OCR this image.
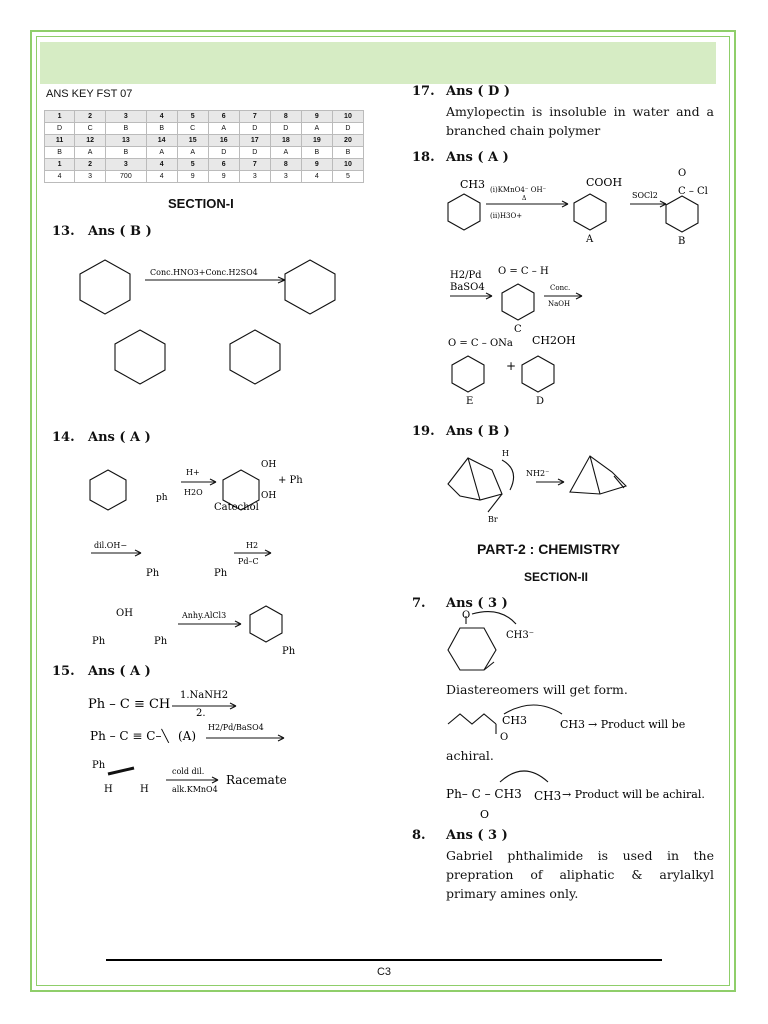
ANS KEY FST 07
1	2	3	4	5	6	7	8	9	10
D	C	B	B	C	A	D	D	A	D
11	12	13	14	15	16	17	18	19	20
B	A	B	A	A	D	D	A	B	B
1	2	3	4	5	6	7	8	9	10
4	3	700	4	9	9	3	3	4	5
SECTION-I
13. Ans ( B )
Conc.HNO3+Conc.H2SO4
14. Ans ( A )
H+
H2O
OH
OH
Catechol
+ Ph
ph
dil.OH−
Ph	Ph
H2
Pd–C
OH
Ph	Ph
Anhy.AlCl3
Ph
15. Ans ( A )
Ph – C ≡ CH
1.NaNH2
2.
Ph – C ≡ C–╲ (A)
H2/Pd/BaSO4
Ph
H	H
cold dil.
alk.KMnO4
Racemate
17. Ans ( D )
Amylopectin is insoluble in water and a branched chain polymer
18. Ans ( A )
CH3 (i)KMnO4⁻ OH⁻
Δ
(ii)H3O+
COOH
A
SOCl2
O
C – Cl
B
H2/Pd
BaSO4
O = C – H
C
Conc.
NaOH
O = C – ONa
+
CH2OH
E	D
19. Ans ( B )
H
NH2⁻
Br
PART-2 : CHEMISTRY
SECTION-II
7. Ans ( 3 )
O
CH3⁻
Diastereomers will get form.
CH3
O
CH3 → Product will be
achiral.
Ph– C – CH3
O
CH3 → Product will be achiral.
8. Ans ( 3 )
Gabriel phthalimide is used in the prepration of aliphatic & arylalkyl primary amines only.
C3
